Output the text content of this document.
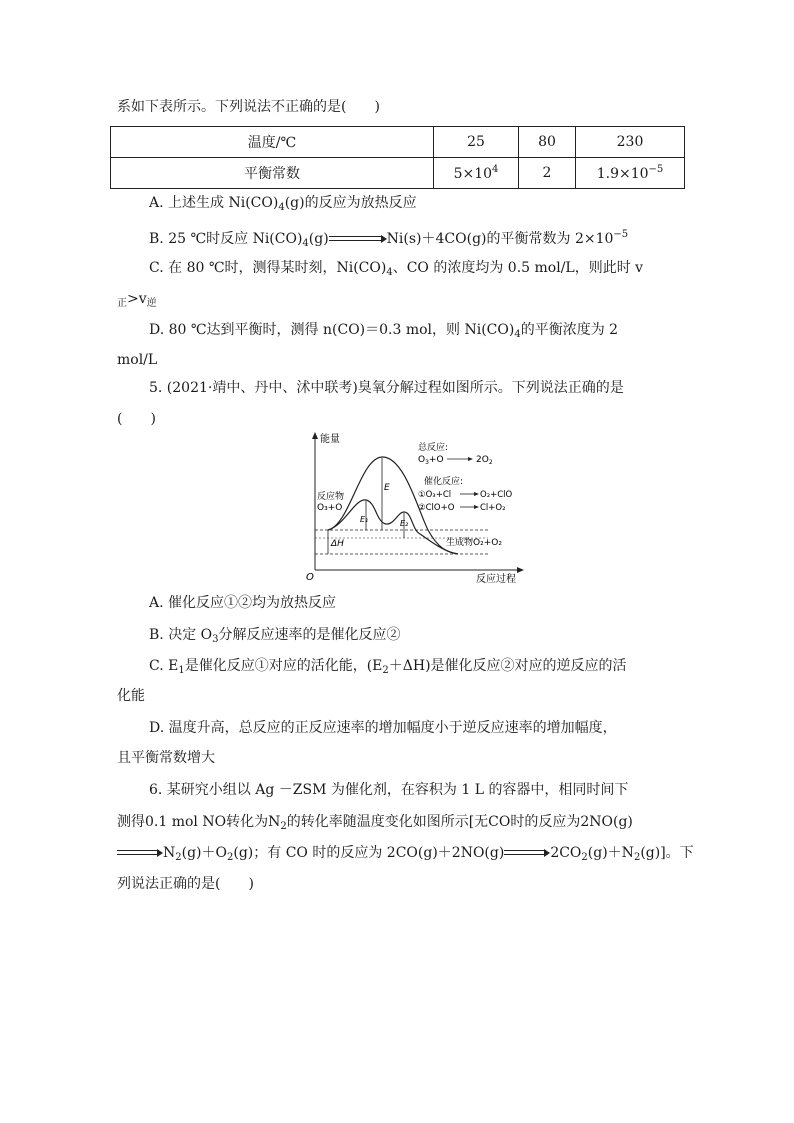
系如下表所示。下列说法不正确的是(　　)
温度/℃	25	80	230
平衡常数	$5\times 10^4$	2	$1.9\times 10^{-5}$
A. 上述生成 $Ni(CO)_4(g)$的反应为放热反应
B. 25 ℃时反应 $Ni(CO)_4(g)$	Ni(s)＋4CO(g)的平衡常数为 $2\times 10^{-5}$
C. 在 80 ℃时，测得某时刻，$Ni(CO)_4$、CO 的浓度均为 0.5 mol/L，则此时 v
$_正>v_逆$
D. 80 ℃达到平衡时，测得 n(CO)＝0.3 mol，则 $Ni(CO)_4$的平衡浓度为 2
mol/L
5. (2021·靖中、丹中、沭中联考)臭氧分解过程如图所示。下列说法正确的是
(　　)
能量
反应过程
O
ΔH
E
E₁	E₂
反应物
O₃+O
生成物O₂+O₂
总反应:
$O_3+O$	$2O_2$
催化反应:
①O₃+Cl	O₂+ClO
②ClO+O	Cl+O₂
A. 催化反应①②均为放热反应
B. 决定 $O_3$分解反应速率的是催化反应②
C. $E_1$是催化反应①对应的活化能，$(E_2+\Delta H)$是催化反应②对应的逆反应的活
化能
D. 温度升高，总反应的正反应速率的增加幅度小于逆反应速率的增加幅度，
且平衡常数增大
6. 某研究小组以 Ag －ZSM 为催化剂，在容积为 1 L 的容器中，相同时间下
测得0.1 mol NO转化为$N_2$的转化率随温度变化如图所示[无CO时的反应为2NO(g)
$N_2(g)+O_2(g)$；有 CO 时的反应为 2CO(g)＋2NO(g)	$2CO_2(g)+N_2(g)$]。下
列说法正确的是(　　)
